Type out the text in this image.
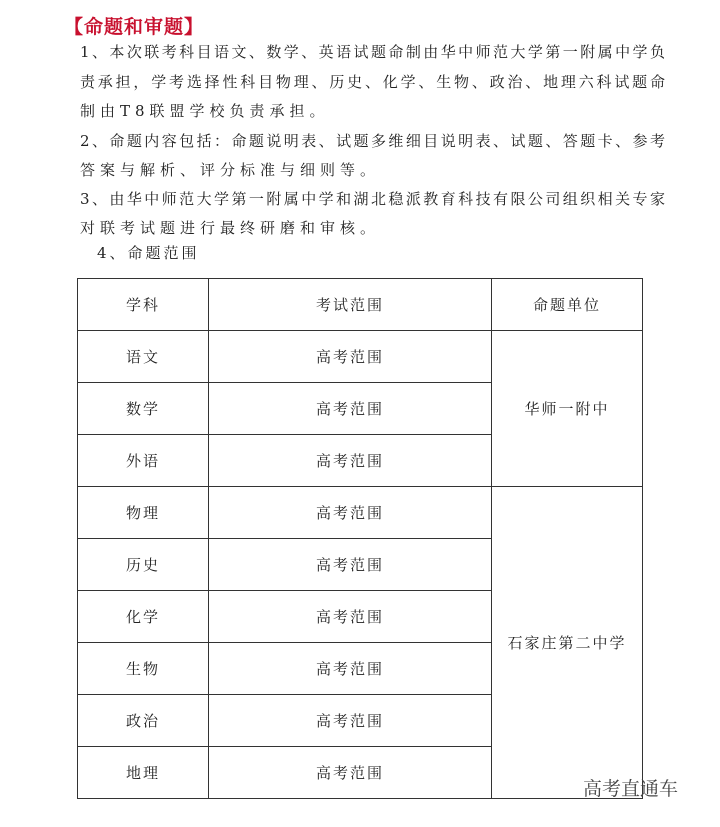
【命题和审题】
1、本次联考科目语文、数学、英语试题命制由华中师范大学第一附属中学负
责承担，学考选择性科目物理、历史、化学、生物、政治、地理六科试题命
制由T8联盟学校负责承担。
2、命题内容包括：命题说明表、试题多维细目说明表、试题、答题卡、参考
答案与解析、评分标准与细则等。
3、由华中师范大学第一附属中学和湖北稳派教育科技有限公司组织相关专家
对联考试题进行最终研磨和审核。
4、命题范围
学科	考试范围	命题单位
语文	高考范围	华师一附中
数学	高考范围	
外语	高考范围	
物理	高考范围	石家庄第二中学
历史	高考范围	
化学	高考范围	
生物	高考范围	
政治	高考范围	
地理	高考范围	
高考直通车
